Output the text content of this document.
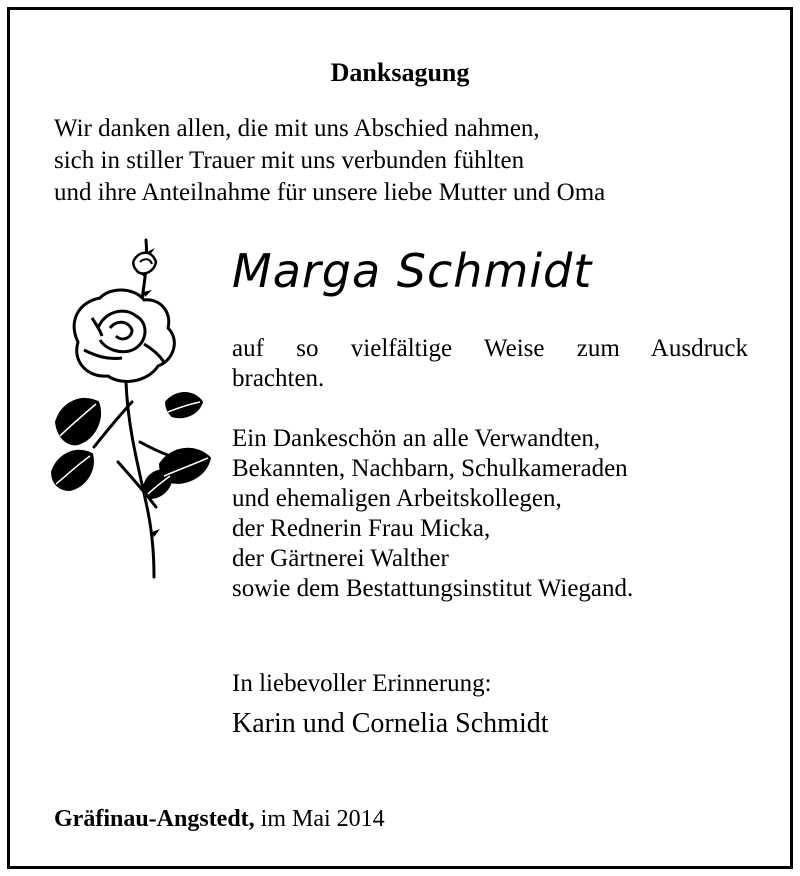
Danksagung
Wir danken allen, die mit uns Abschied nahmen,
sich in stiller Trauer mit uns verbunden fühlten
und ihre Anteilnahme für unsere liebe Mutter und Oma
Marga Schmidt
auf so vielfältige Weise zum Ausdruck
brachten.
Ein Dankeschön an alle Verwandten,
Bekannten, Nachbarn, Schulkameraden
und ehemaligen Arbeitskollegen,
der Rednerin Frau Micka,
der Gärtnerei Walther
sowie dem Bestattungsinstitut Wiegand.
In liebevoller Erinnerung:
Karin und Cornelia Schmidt
Gräfinau-Angstedt, im Mai 2014
